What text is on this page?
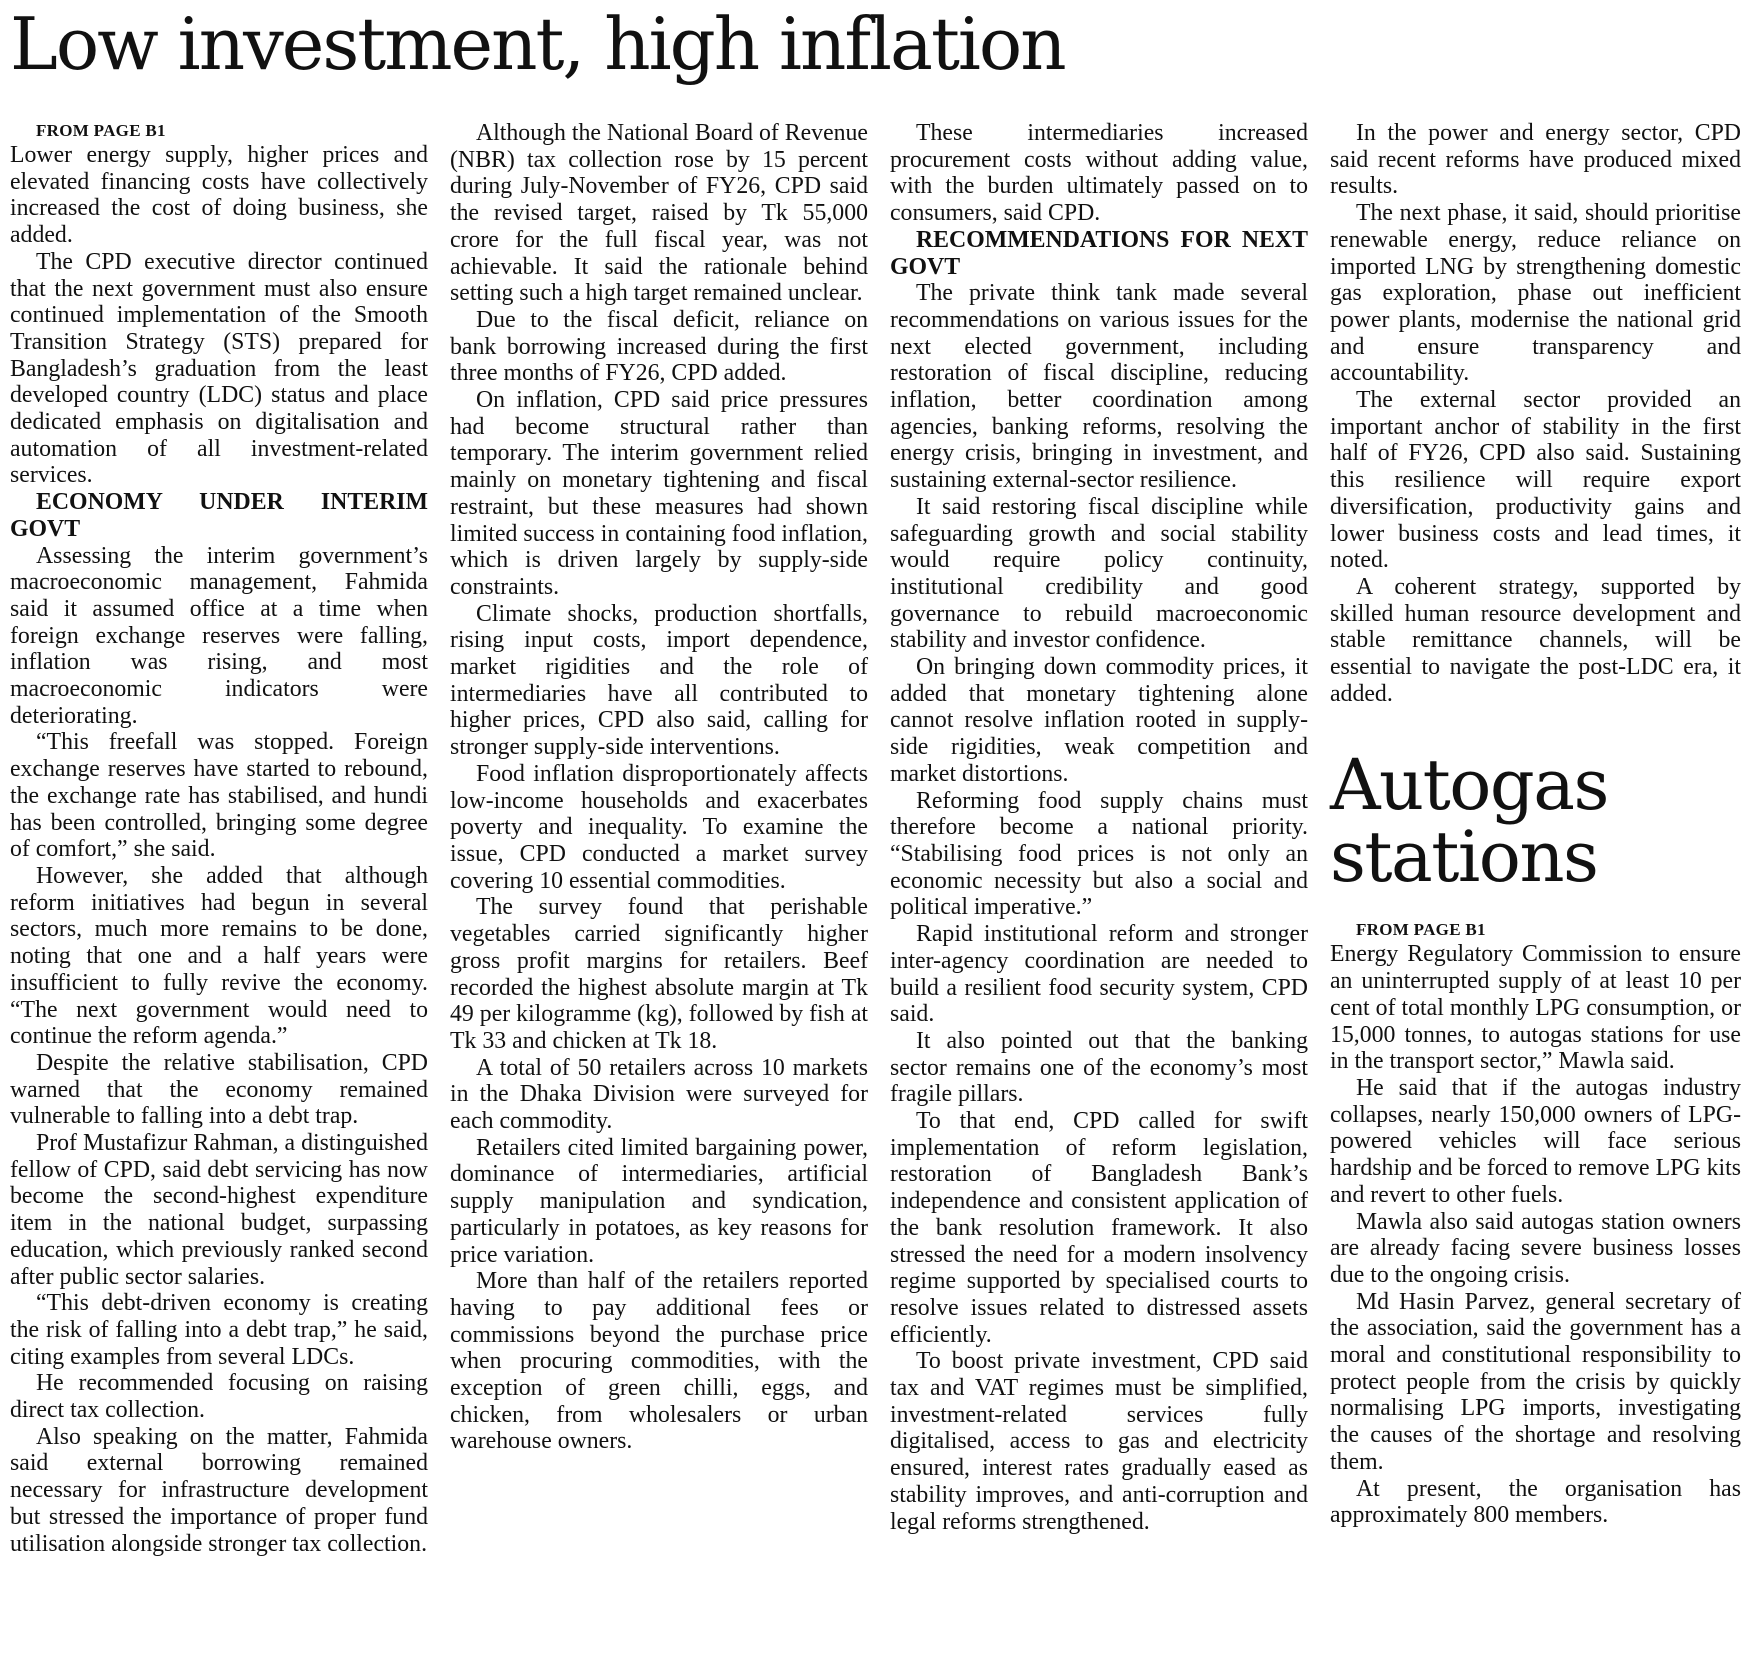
Low investment, high inflation

FROM PAGE B1

Lower energy supply, higher prices and elevated financing costs have collectively increased the cost of doing business, she added.

The CPD executive director continued that the next government must also ensure continued implementation of the Smooth Transition Strategy (STS) prepared for Bangladesh’s graduation from the least developed country (LDC) status and place dedicated emphasis on digitalisation and automation of all investment-related services.

ECONOMY UNDER INTERIM GOVT

Assessing the interim government’s macroeconomic management, Fahmida said it assumed office at a time when foreign exchange reserves were falling, inflation was rising, and most macroeconomic indicators were deteriorating.

“This freefall was stopped. Foreign exchange reserves have started to rebound, the exchange rate has stabilised, and hundi has been controlled, bringing some degree of comfort,” she said.

However, she added that although reform initiatives had begun in several sectors, much more remains to be done, noting that one and a half years were insufficient to fully revive the economy. “The next government would need to continue the reform agenda.”

Despite the relative stabilisation, CPD warned that the economy remained vulnerable to falling into a debt trap.

Prof Mustafizur Rahman, a distinguished fellow of CPD, said debt servicing has now become the second-highest expenditure item in the national budget, surpassing education, which previously ranked second after public sector salaries.

“This debt-driven economy is creating the risk of falling into a debt trap,” he said, citing examples from several LDCs.

He recommended focusing on raising direct tax collection.

Also speaking on the matter, Fahmida said external borrowing remained necessary for infrastructure development but stressed the importance of proper fund utilisation alongside stronger tax collection.

Although the National Board of Revenue (NBR) tax collection rose by 15 percent during July-November of FY26, CPD said the revised target, raised by Tk 55,000 crore for the full fiscal year, was not achievable. It said the rationale behind setting such a high target remained unclear.

Due to the fiscal deficit, reliance on bank borrowing increased during the first three months of FY26, CPD added.

On inflation, CPD said price pressures had become structural rather than temporary. The interim government relied mainly on monetary tightening and fiscal restraint, but these measures had shown limited success in containing food inflation, which is driven largely by supply-side constraints.

Climate shocks, production shortfalls, rising input costs, import dependence, market rigidities and the role of intermediaries have all contributed to higher prices, CPD also said, calling for stronger supply-side interventions.

Food inflation disproportionately affects low-income households and exacerbates poverty and inequality. To examine the issue, CPD conducted a market survey covering 10 essential commodities.

The survey found that perishable vegetables carried significantly higher gross profit margins for retailers. Beef recorded the highest absolute margin at Tk 49 per kilogramme (kg), followed by fish at Tk 33 and chicken at Tk 18.

A total of 50 retailers across 10 markets in the Dhaka Division were surveyed for each commodity.

Retailers cited limited bargaining power, dominance of intermediaries, artificial supply manipulation and syndication, particularly in potatoes, as key reasons for price variation.

More than half of the retailers reported having to pay additional fees or commissions beyond the purchase price when procuring commodities, with the exception of green chilli, eggs, and chicken, from wholesalers or urban warehouse owners.

These intermediaries increased procurement costs without adding value, with the burden ultimately passed on to consumers, said CPD.

RECOMMENDATIONS FOR NEXT GOVT

The private think tank made several recommendations on various issues for the next elected government, including restoration of fiscal discipline, reducing inflation, better coordination among agencies, banking reforms, resolving the energy crisis, bringing in investment, and sustaining external-sector resilience.

It said restoring fiscal discipline while safeguarding growth and social stability would require policy continuity, institutional credibility and good governance to rebuild macroeconomic stability and investor confidence.

On bringing down commodity prices, it added that monetary tightening alone cannot resolve inflation rooted in supply-side rigidities, weak competition and market distortions.

Reforming food supply chains must therefore become a national priority. “Stabilising food prices is not only an economic necessity but also a social and political imperative.”

Rapid institutional reform and stronger inter-agency coordination are needed to build a resilient food security system, CPD said.

It also pointed out that the banking sector remains one of the economy’s most fragile pillars.

To that end, CPD called for swift implementation of reform legislation, restoration of Bangladesh Bank’s independence and consistent application of the bank resolution framework. It also stressed the need for a modern insolvency regime supported by specialised courts to resolve issues related to distressed assets efficiently.

To boost private investment, CPD said tax and VAT regimes must be simplified, investment-related services fully digitalised, access to gas and electricity ensured, interest rates gradually eased as stability improves, and anti-corruption and legal reforms strengthened.

In the power and energy sector, CPD said recent reforms have produced mixed results.

The next phase, it said, should prioritise renewable energy, reduce reliance on imported LNG by strengthening domestic gas exploration, phase out inefficient power plants, modernise the national grid and ensure transparency and accountability.

The external sector provided an important anchor of stability in the first half of FY26, CPD also said. Sustaining this resilience will require export diversification, productivity gains and lower business costs and lead times, it noted.

A coherent strategy, supported by skilled human resource development and stable remittance channels, will be essential to navigate the post-LDC era, it added.

Autogas stations

FROM PAGE B1

Energy Regulatory Commission to ensure an uninterrupted supply of at least 10 per cent of total monthly LPG consumption, or 15,000 tonnes, to autogas stations for use in the transport sector,” Mawla said.

He said that if the autogas industry collapses, nearly 150,000 owners of LPG-powered vehicles will face serious hardship and be forced to remove LPG kits and revert to other fuels.

Mawla also said autogas station owners are already facing severe business losses due to the ongoing crisis.

Md Hasin Parvez, general secretary of the association, said the government has a moral and constitutional responsibility to protect people from the crisis by quickly normalising LPG imports, investigating the causes of the shortage and resolving them.

At present, the organisation has approximately 800 members.
